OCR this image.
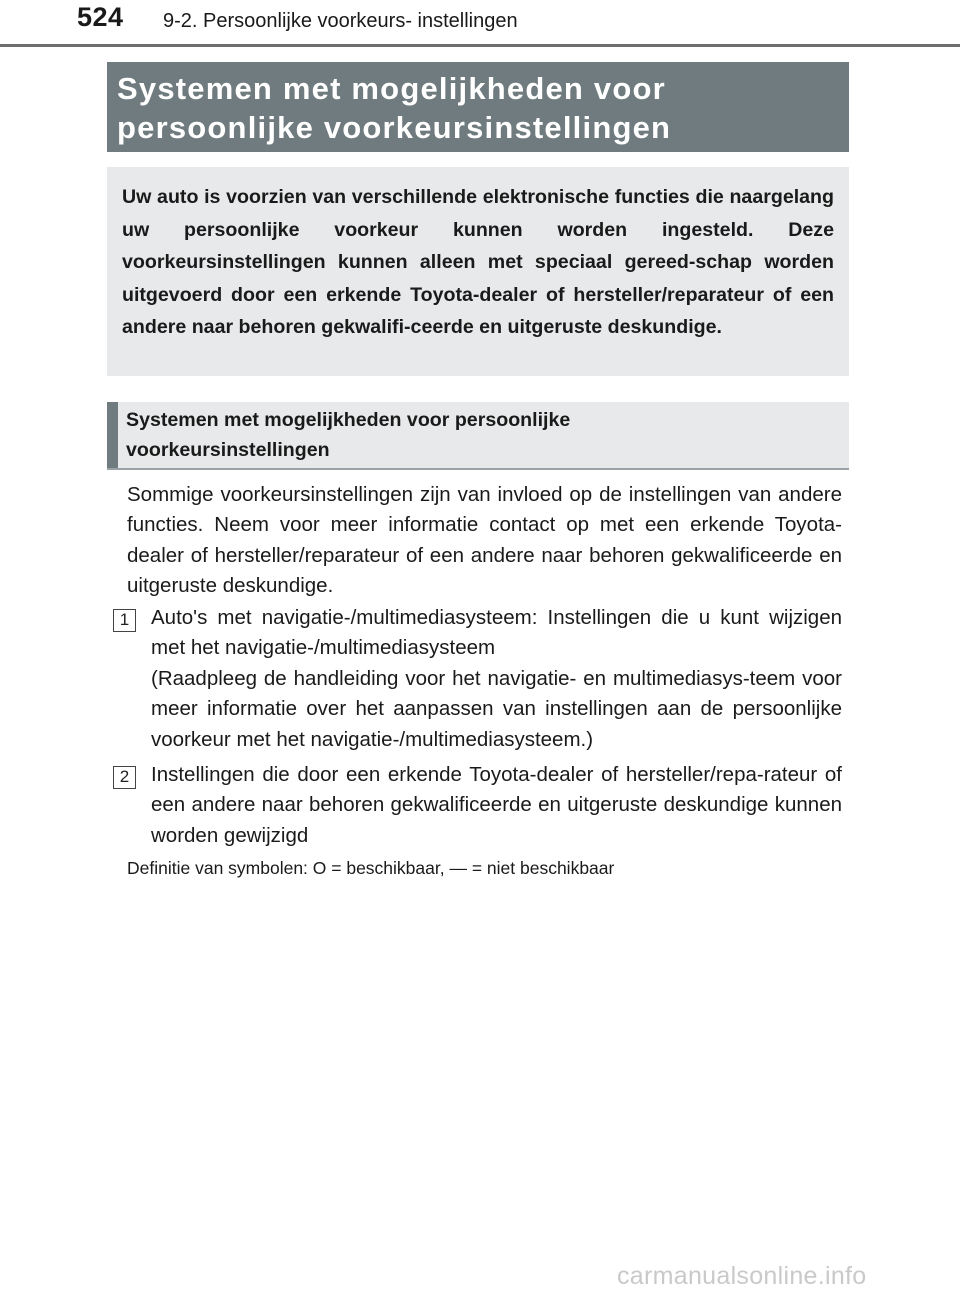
524 9-2. Persoonlijke voorkeurs- instellingen
Systemen met mogelijkheden voor
persoonlijke voorkeursinstellingen
Uw auto is voorzien van verschillende elektronische functies die naargelang uw persoonlijke voorkeur kunnen worden ingesteld. Deze voorkeursinstellingen kunnen alleen met speciaal gereed-schap worden uitgevoerd door een erkende Toyota-dealer of hersteller/reparateur of een andere naar behoren gekwalifi-ceerde en uitgeruste deskundige.
Systemen met mogelijkheden voor persoonlijke
voorkeursinstellingen
Sommige voorkeursinstellingen zijn van invloed op de instellingen van andere functies. Neem voor meer informatie contact op met een erkende Toyota-dealer of hersteller/reparateur of een andere naar behoren gekwalificeerde en uitgeruste deskundige.
1	Auto's met navigatie-/multimediasysteem: Instellingen die u kunt wijzigen met het navigatie-/multimediasysteem
(Raadpleeg de handleiding voor het navigatie- en multimediasys-teem voor meer informatie over het aanpassen van instellingen aan de persoonlijke voorkeur met het navigatie-/multimediasysteem.)
2	Instellingen die door een erkende Toyota-dealer of hersteller/repa-rateur of een andere naar behoren gekwalificeerde en uitgeruste deskundige kunnen worden gewijzigd
Definitie van symbolen: O = beschikbaar, — = niet beschikbaar
carmanualsonline.info
